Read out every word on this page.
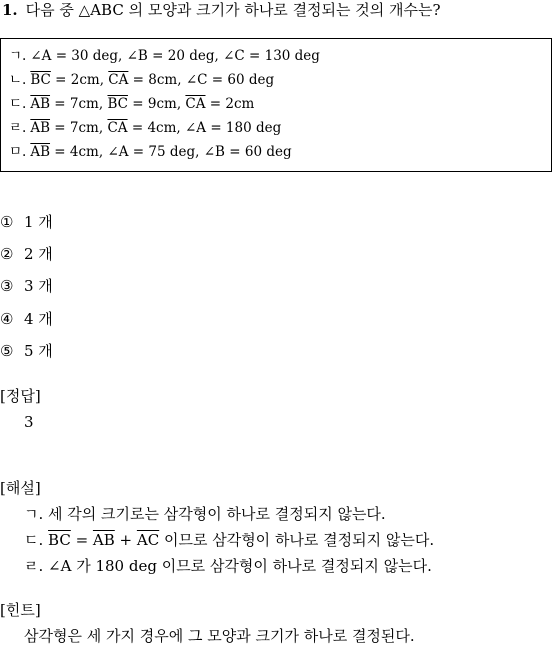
1. 다음 중 △ABC 의 모양과 크기가 하나로 결정되는 것의 개수는?
ㄱ. ∠A = 30 deg, ∠B = 20 deg, ∠C = 130 deg
ㄴ. $\overline{BC} = 2cm$, $\overline{CA} = 8cm$, ∠C = 60 deg
ㄷ. $\overline{AB} = 7cm$, $\overline{BC} = 9cm$, $\overline{CA} = 2cm$
ㄹ. $\overline{AB} = 7cm$, $\overline{CA} = 4cm$, ∠A = 180 deg
ㅁ. $\overline{AB} = 4cm$, ∠A = 75 deg, ∠B = 60 deg
① 1 개
② 2 개
③ 3 개
④ 4 개
⑤ 5 개
[정답]
3
[해설]
ㄱ. 세 각의 크기로는 삼각형이 하나로 결정되지 않는다.
ㄷ. $\overline{BC} = \overline{AB} + \overline{AC}$ 이므로 삼각형이 하나로 결정되지 않는다.
ㄹ. ∠A 가 180 deg 이므로 삼각형이 하나로 결정되지 않는다.
[힌트]
삼각형은 세 가지 경우에 그 모양과 크기가 하나로 결정된다.
